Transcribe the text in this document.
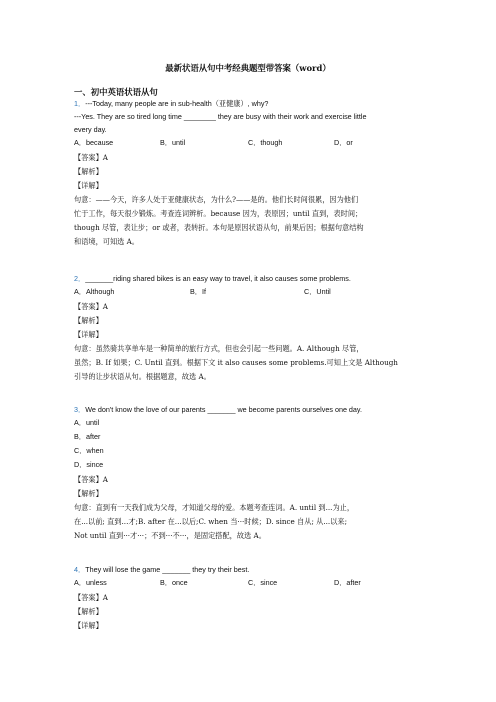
最新状语从句中考经典题型带答案（word）
一、初中英语状语从句
1．---Today, many people are in sub-health（亚健康）, why?
---Yes. They are so tired long time ________ they are busy with their work and exercise little
every day.
A．because	B．until	C．though	D．or
【答案】A
【解析】
【详解】
句意：——今天，许多人处于亚健康状态，为什么?——是的。他们长时间很累，因为他们
忙于工作，每天很少锻炼。考查连词辨析。because 因为，表原因；until 直到，表时间；
though 尽管，表让步；or 或者，表转折。本句是原因状语从句，前果后因；根据句意结构
和语境，可知选 A。
2．_______riding shared bikes is an easy way to travel, it also causes some problems.
A．Although	B．If	C．Until
【答案】A
【解析】
【详解】
句意：虽然骑共享单车是一种简单的旅行方式，但也会引起一些问题。A. Although 尽管，
虽然；B. If 如果；C. Until 直到。根据下文 it also causes some problems.可知上文是 Although
引导的让步状语从句。根据题意，故选 A。
3．We don't know the love of our parents _______ we become parents ourselves one day.
A．until
B．after
C．when
D．since
【答案】A
【解析】
句意：直到有一天我们成为父母，才知道父母的爱。本题考查连词。A. until 到...为止，
在...以前; 直到...才;B. after 在...以后;C. when 当···时候；D. since 自从; 从...以来;
Not until 直到···才···；不到···不···，是固定搭配，故选 A。
4．They will lose the game _______ they try their best.
A．unless	B．once	C．since	D．after
【答案】A
【解析】
【详解】
